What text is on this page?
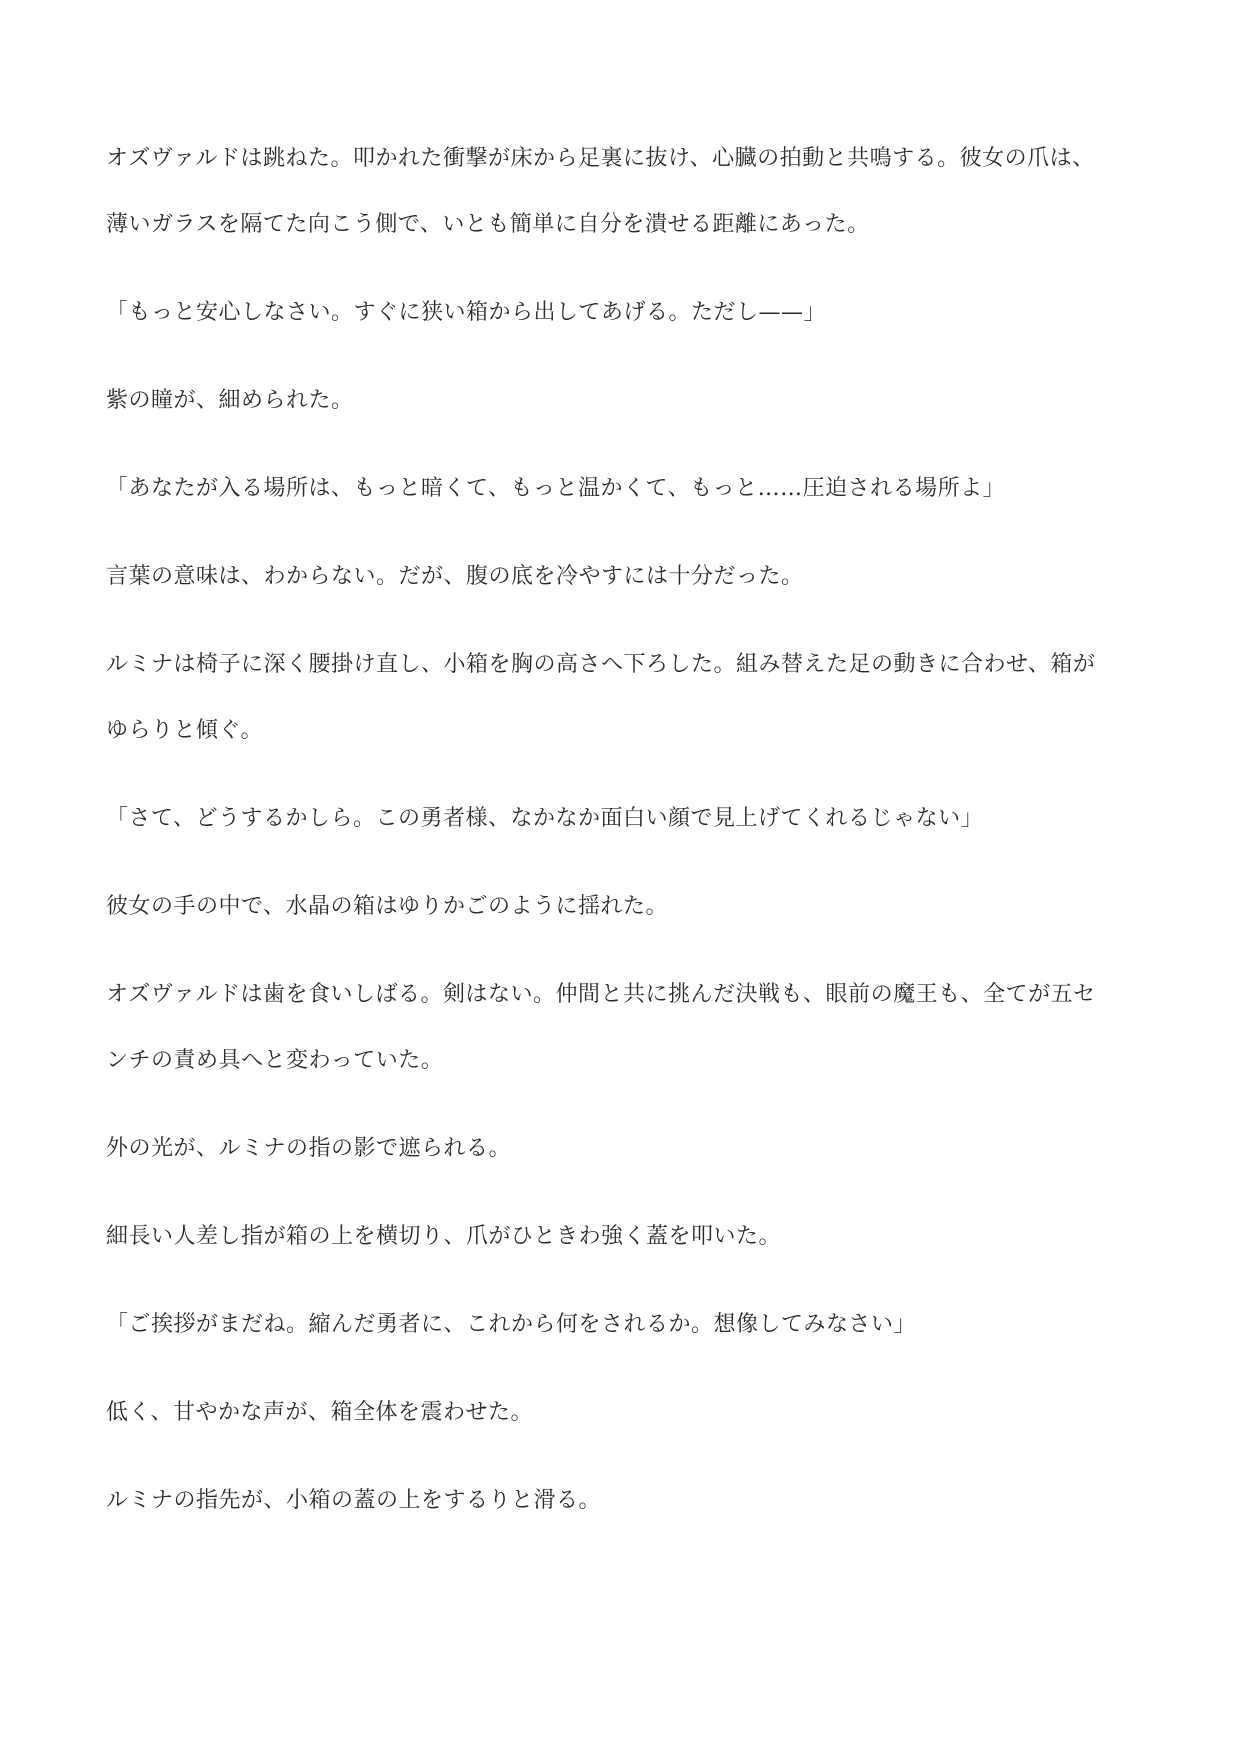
オズヴァルドは跳ねた。叩かれた衝撃が床から足裏に抜け、心臓の拍動と共鳴する。彼女の爪は、
薄いガラスを隔てた向こう側で、いとも簡単に自分を潰せる距離にあった。

「もっと安心しなさい。すぐに狭い箱から出してあげる。ただし——」

紫の瞳が、細められた。

「あなたが入る場所は、もっと暗くて、もっと温かくて、もっと……圧迫される場所よ」

言葉の意味は、わからない。だが、腹の底を冷やすには十分だった。

ルミナは椅子に深く腰掛け直し、小箱を胸の高さへ下ろした。組み替えた足の動きに合わせ、箱が
ゆらりと傾ぐ。

「さて、どうするかしら。この勇者様、なかなか面白い顔で見上げてくれるじゃない」

彼女の手の中で、水晶の箱はゆりかごのように揺れた。

オズヴァルドは歯を食いしばる。剣はない。仲間と共に挑んだ決戦も、眼前の魔王も、全てが五セ
ンチの責め具へと変わっていた。

外の光が、ルミナの指の影で遮られる。

細長い人差し指が箱の上を横切り、爪がひときわ強く蓋を叩いた。

「ご挨拶がまだね。縮んだ勇者に、これから何をされるか。想像してみなさい」

低く、甘やかな声が、箱全体を震わせた。

ルミナの指先が、小箱の蓋の上をするりと滑る。
